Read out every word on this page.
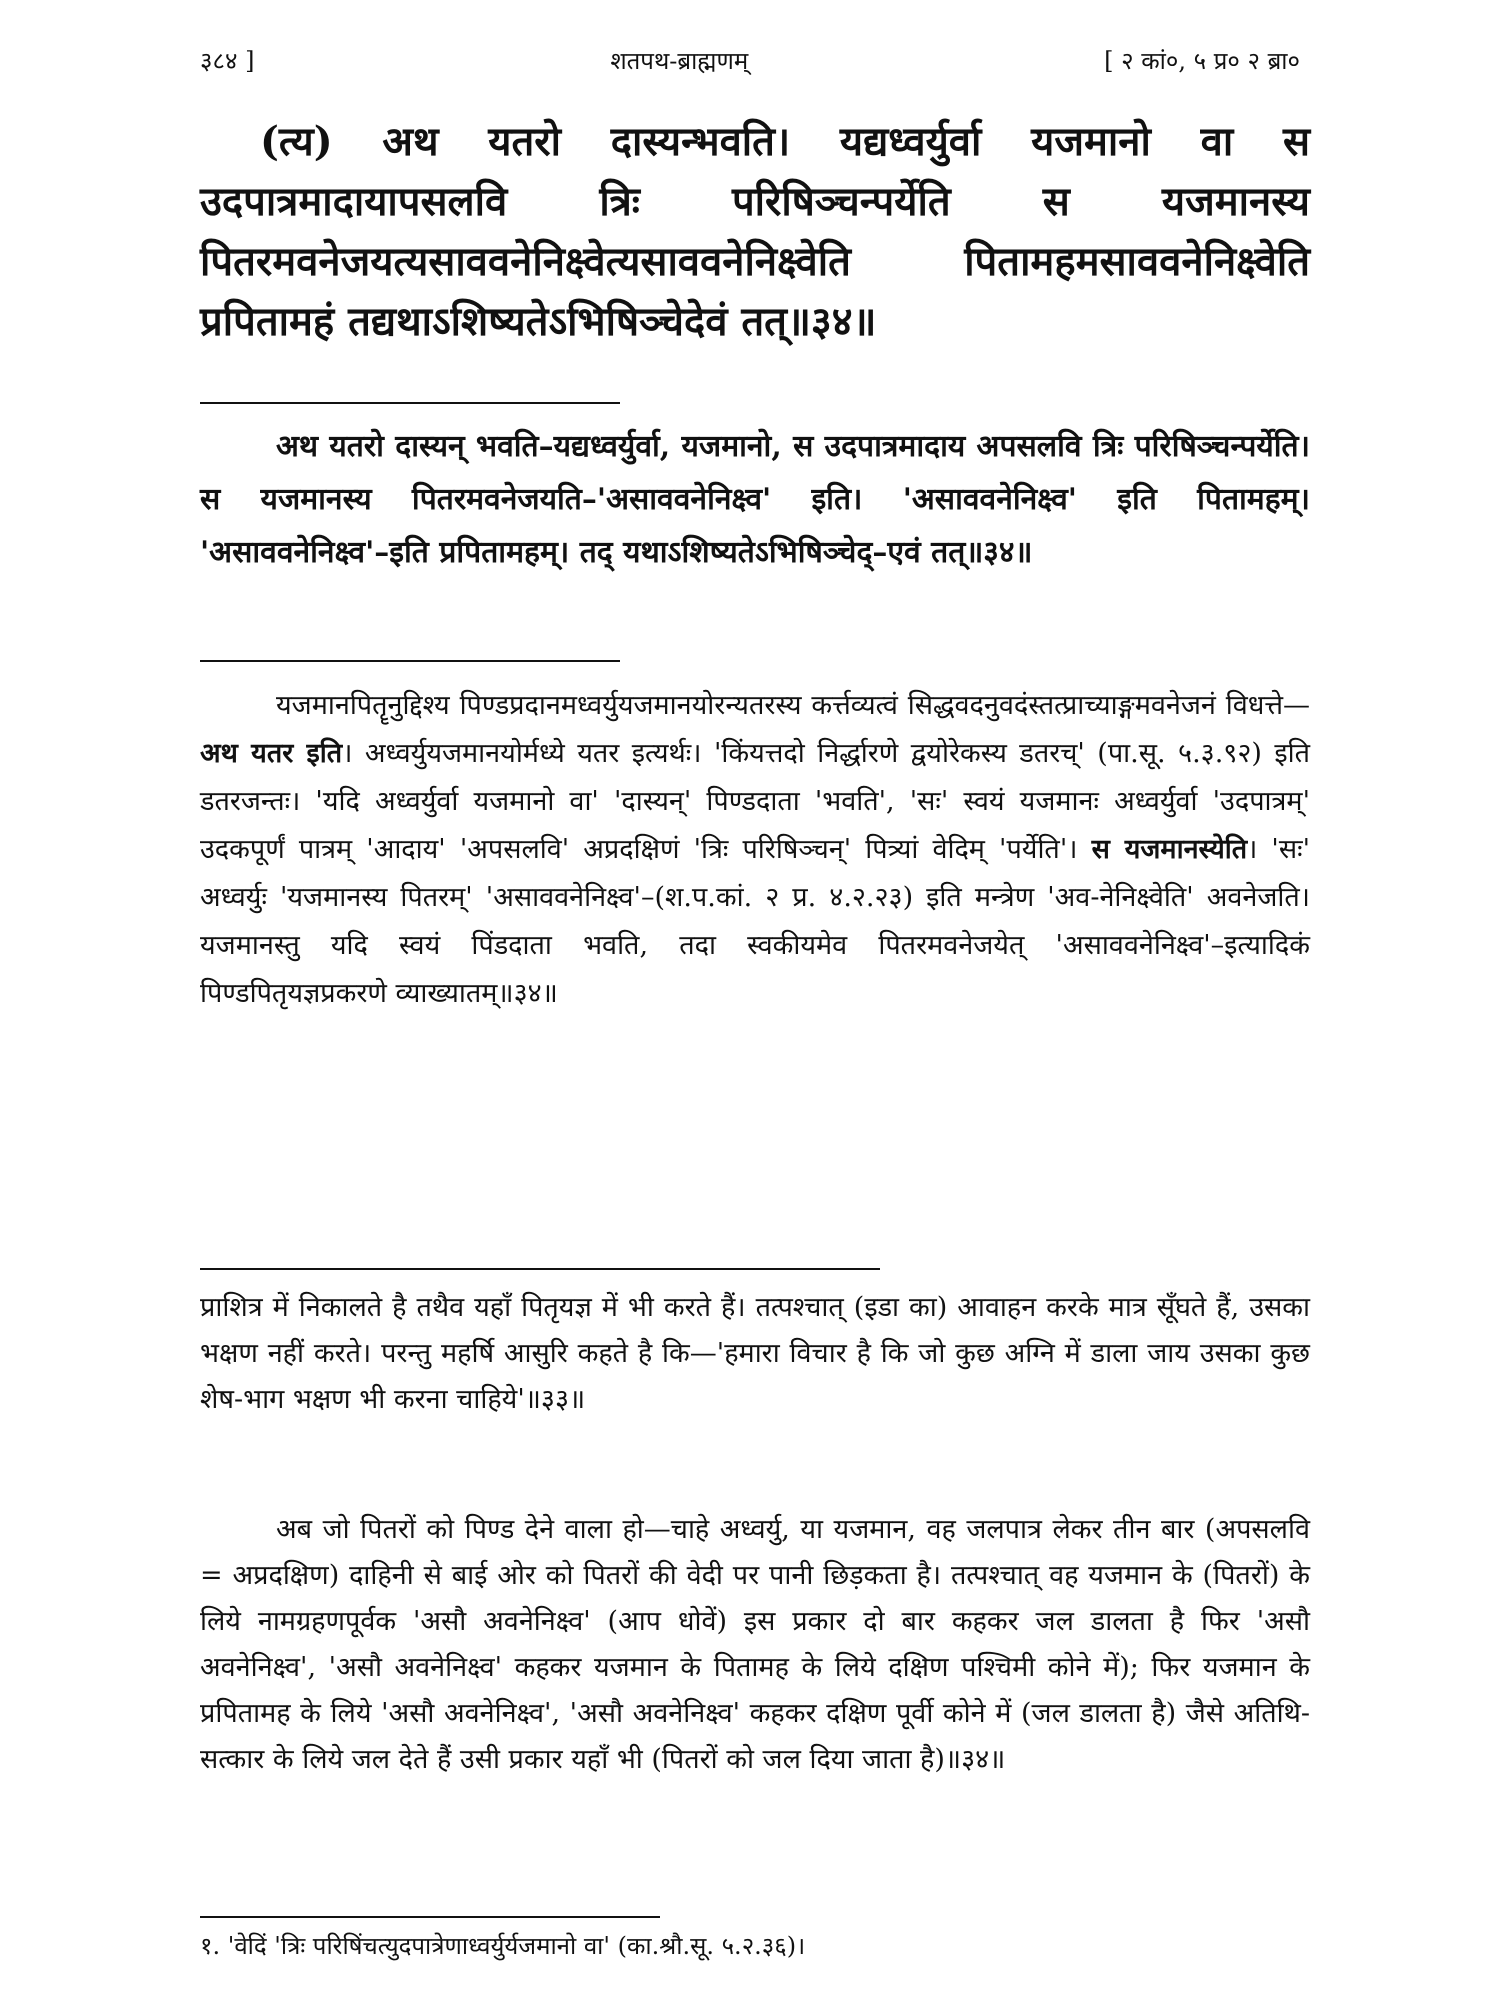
३८४ ]	शतपथ-ब्राह्मणम्	[ २ कां०, ५ प्र० २ ब्रा०
(त्य) अथ यतरो दास्यन्भवति। यद्यध्वर्युर्वा यजमानो वा स उदपात्रमादायापसलवि त्रिः परिषिञ्चन्पर्येति स यजमानस्य पितरमवनेजयत्यसाववनेनिक्ष्वेत्यसाववनेनिक्ष्वेति पितामहमसाववनेनिक्ष्वेति प्रपितामहं तद्यथाऽशिष्यतेऽभिषिञ्चेदेवं तत्॥३४॥
अथ यतरो दास्यन् भवति–यद्यध्वर्युर्वा, यजमानो, स उदपात्रमादाय अपसलवि त्रिः परिषिञ्चन्पर्येति। स यजमानस्य पितरमवनेजयति–'असाववनेनिक्ष्व' इति। 'असाववनेनिक्ष्व' इति पितामहम्। 'असाववनेनिक्ष्व'–इति प्रपितामहम्। तद् यथाऽशिष्यतेऽभिषिञ्चेद्–एवं तत्॥३४॥
यजमानपितॄनुद्दिश्य पिण्डप्रदानमध्वर्युयजमानयोरन्यतरस्य कर्त्तव्यत्वं सिद्धवदनुवदंस्तत्प्राच्याङ्गमवनेजनं विधत्ते—अथ यतर इति। अध्वर्युयजमानयोर्मध्ये यतर इत्यर्थः। 'किंयत्तदो निर्द्धारणे द्वयोरेकस्य डतरच्' (पा.सू. ५.३.९२) इति डतरजन्तः। 'यदि अध्वर्युर्वा यजमानो वा' 'दास्यन्' पिण्डदाता 'भवति', 'सः' स्वयं यजमानः अध्वर्युर्वा 'उदपात्रम्' उदकपूर्णं पात्रम् 'आदाय' 'अपसलवि' अप्रदक्षिणं 'त्रिः परिषिञ्चन्' पित्र्यां वेदिम् 'पर्येति'। स यजमानस्येति। 'सः' अध्वर्युः 'यजमानस्य पितरम्' 'असाववनेनिक्ष्व'–(श.प.कां. २ प्र. ४.२.२३) इति मन्त्रेण 'अव-नेनिक्ष्वेति' अवनेजति। यजमानस्तु यदि स्वयं पिंडदाता भवति, तदा स्वकीयमेव पितरमवनेजयेत् 'असाववनेनिक्ष्व'–इत्यादिकं पिण्डपितृयज्ञप्रकरणे व्याख्यातम्॥३४॥
प्राशित्र में निकालते है तथैव यहाँ पितृयज्ञ में भी करते हैं। तत्पश्चात् (इडा का) आवाहन करके मात्र सूँघते हैं, उसका भक्षण नहीं करते। परन्तु महर्षि आसुरि कहते है कि—'हमारा विचार है कि जो कुछ अग्नि में डाला जाय उसका कुछ शेष-भाग भक्षण भी करना चाहिये'॥३३॥
अब जो पितरों को पिण्ड देने वाला हो—चाहे अध्वर्यु, या यजमान, वह जलपात्र लेकर तीन बार (अपसलवि = अप्रदक्षिण) दाहिनी से बाई ओर को पितरों की वेदी पर पानी छिड़कता है। तत्पश्चात् वह यजमान के (पितरों) के लिये नामग्रहणपूर्वक 'असौ अवनेनिक्ष्व' (आप धोवें) इस प्रकार दो बार कहकर जल डालता है फिर 'असौ अवनेनिक्ष्व', 'असौ अवनेनिक्ष्व' कहकर यजमान के पितामह के लिये दक्षिण पश्चिमी कोने में); फिर यजमान के प्रपितामह के लिये 'असौ अवनेनिक्ष्व', 'असौ अवनेनिक्ष्व' कहकर दक्षिण पूर्वी कोने में (जल डालता है) जैसे अतिथि-सत्कार के लिये जल देते हैं उसी प्रकार यहाँ भी (पितरों को जल दिया जाता है)॥३४॥
१. 'वेदिं 'त्रिः परिषिंचत्युदपात्रेणाध्वर्युर्यजमानो वा' (का.श्रौ.सू. ५.२.३६)।
